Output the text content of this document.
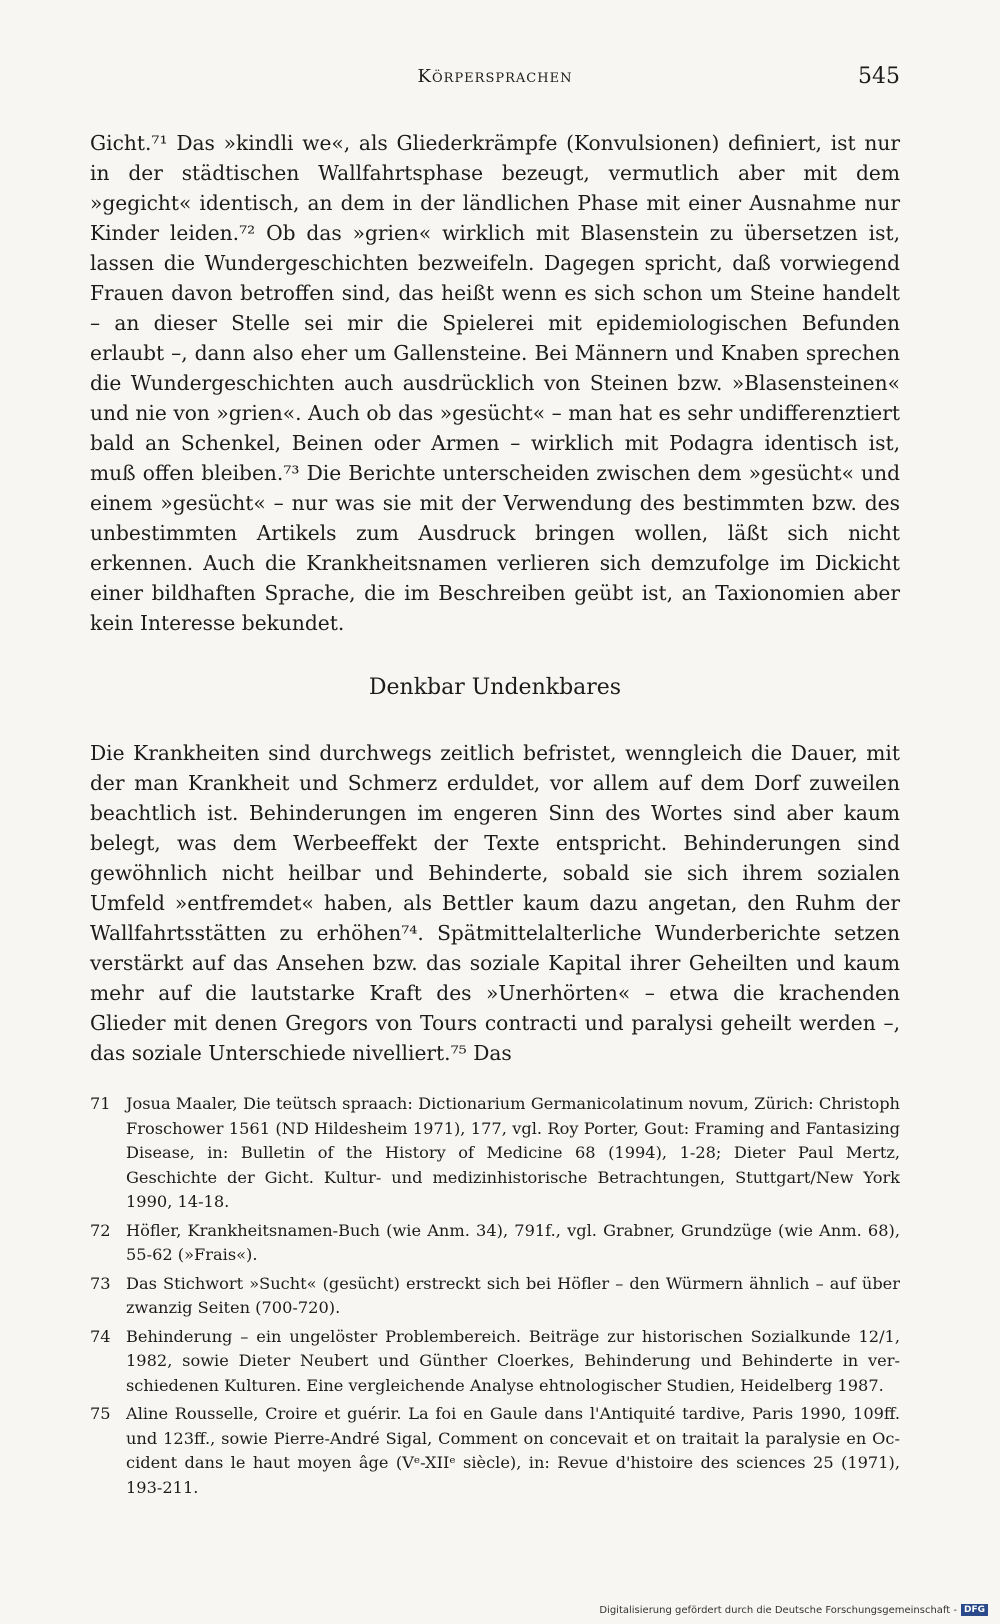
Körpersprachen	545

Gicht.⁷¹ Das »kindli we«, als Gliederkrämpfe (Konvulsionen) definiert, ist nur in der städtischen Wallfahrtsphase bezeugt, vermutlich aber mit dem »gegicht« identisch, an dem in der ländlichen Phase mit einer Ausnahme nur Kinder leiden.⁷² Ob das »grien« wirklich mit Blasenstein zu übersetzen ist, lassen die Wundergeschichten bezweifeln. Dagegen spricht, daß vorwiegend Frauen davon betroffen sind, das heißt wenn es sich schon um Steine handelt – an dieser Stelle sei mir die Spielerei mit epidemiologischen Befunden erlaubt –, dann also eher um Gallensteine. Bei Männern und Knaben sprechen die Wundergeschichten auch ausdrücklich von Steinen bzw. »Blasensteinen« und nie von »grien«. Auch ob das »gesücht« – man hat es sehr undifferenztiert bald an Schenkel, Beinen oder Armen – wirklich mit Podagra identisch ist, muß offen bleiben.⁷³ Die Berichte unterscheiden zwischen dem »gesücht« und einem »gesücht« – nur was sie mit der Verwendung des bestimmten bzw. des unbestimmten Artikels zum Ausdruck bringen wollen, läßt sich nicht erkennen. Auch die Krankheitsnamen verlieren sich demzufolge im Dickicht einer bildhaften Sprache, die im Beschreiben geübt ist, an Taxionomien aber kein Interesse bekundet.

Denkbar Undenkbares

Die Krankheiten sind durchwegs zeitlich befristet, wenngleich die Dauer, mit der man Krankheit und Schmerz erduldet, vor allem auf dem Dorf zuweilen beachtlich ist. Behinderungen im engeren Sinn des Wortes sind aber kaum belegt, was dem Werbeeffekt der Texte entspricht. Behinderungen sind gewöhnlich nicht heilbar und Behinderte, sobald sie sich ihrem sozialen Umfeld »entfremdet« haben, als Bettler kaum dazu angetan, den Ruhm der Wallfahrtsstätten zu erhöhen⁷⁴. Spätmittelalterliche Wunderberichte setzen verstärkt auf das Ansehen bzw. das soziale Kapital ihrer Geheilten und kaum mehr auf die lautstarke Kraft des »Unerhörten« – etwa die krachenden Glieder mit denen Gregors von Tours contracti und paralysi geheilt werden –, das soziale Unterschiede nivelliert.⁷⁵ Das

71 Josua Maaler, Die teütsch spraach: Dictionarium Germanicolatinum novum, Zürich: Christoph Froschower 1561 (ND Hildesheim 1971), 177, vgl. Roy Porter, Gout: Framing and Fantasizing Disease, in: Bulletin of the History of Medicine 68 (1994), 1-28; Dieter Paul Mertz, Geschichte der Gicht. Kultur- und medizinhistorische Betrachtungen, Stuttgart/New York 1990, 14-18.
72 Höfler, Krankheitsnamen-Buch (wie Anm. 34), 791f., vgl. Grabner, Grundzüge (wie Anm. 68), 55-62 (»Frais«).
73 Das Stichwort »Sucht« (gesücht) erstreckt sich bei Höfler – den Würmern ähnlich – auf über zwanzig Seiten (700-720).
74 Behinderung – ein ungelöster Problembereich. Beiträge zur historischen Sozialkunde 12/1, 1982, sowie Dieter Neubert und Günther Cloerkes, Behinderung und Behinderte in verschiedenen Kulturen. Eine vergleichende Analyse ehtnologischer Studien, Heidelberg 1987.
75 Aline Rousselle, Croire et guérir. La foi en Gaule dans l'Antiquité tardive, Paris 1990, 109ff. und 123ff., sowie Pierre-André Sigal, Comment on concevait et on traitait la paralysie en Occident dans le haut moyen âge (Vᵉ-XIIᵉ siècle), in: Revue d'histoire des sciences 25 (1971), 193-211.
Digitalisierung gefördert durch die Deutsche Forschungsgemeinschaft - DFG
